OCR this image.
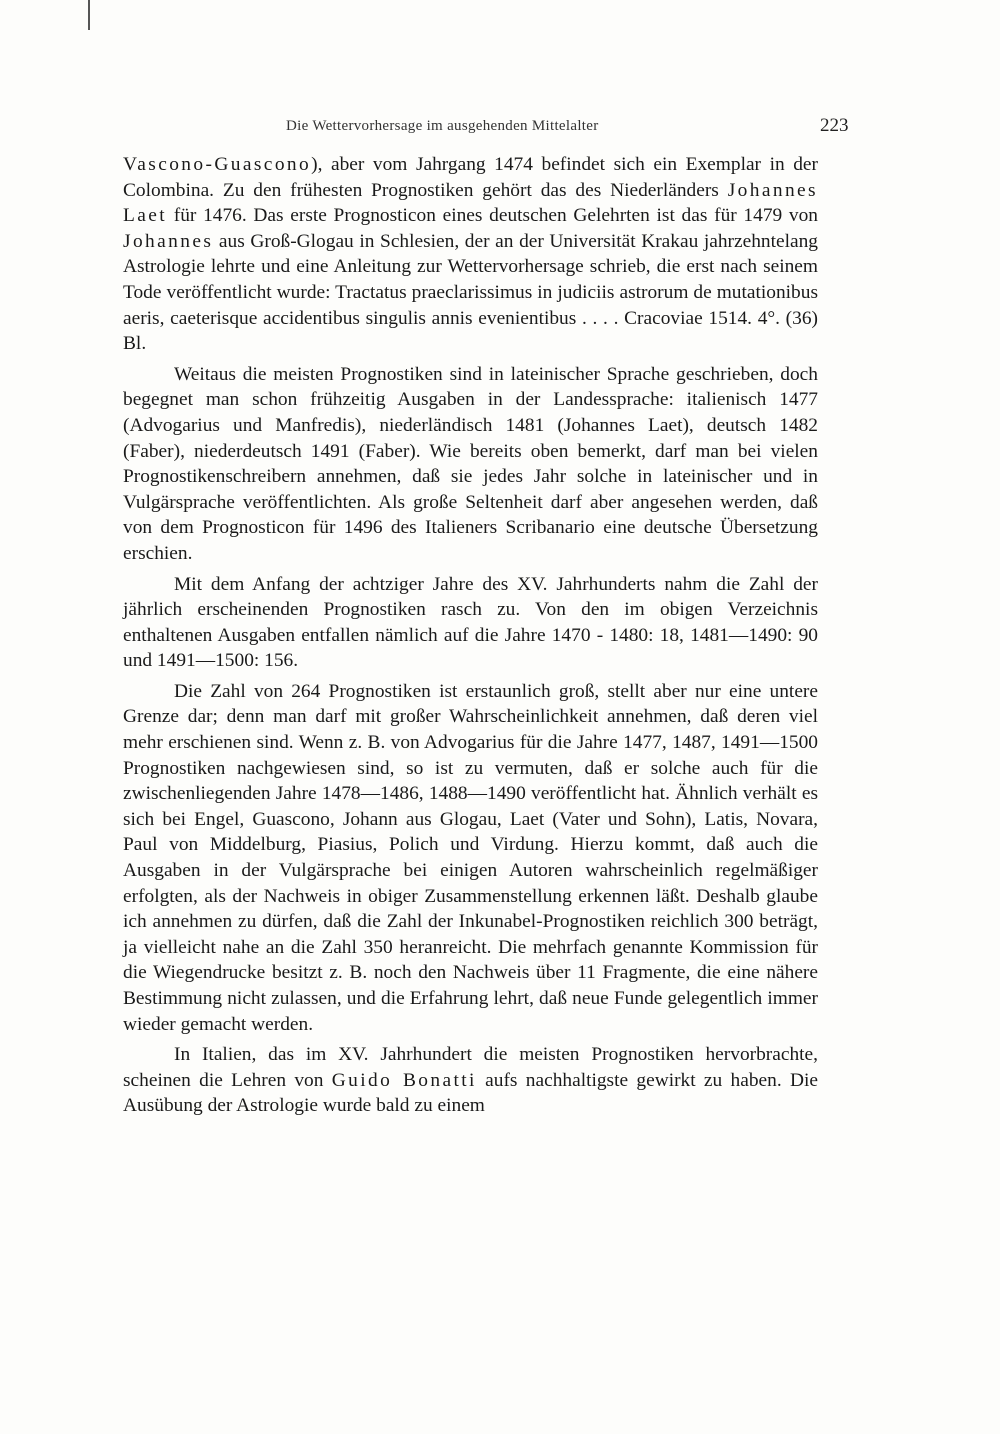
Die Wettervorhersage im ausgehenden Mittelalter	223

Vascono-Guascono), aber vom Jahrgang 1474 befindet sich ein Exemplar in der Colombina. Zu den frühesten Prognostiken gehört das des Niederländers Johannes Laet für 1476. Das erste Prognosticon eines deutschen Gelehrten ist das für 1479 von Johannes aus Groß-Glogau in Schlesien, der an der Universität Krakau jahrzehntelang Astrologie lehrte und eine Anleitung zur Wettervorhersage schrieb, die erst nach seinem Tode veröffentlicht wurde: Tractatus praeclarissimus in judiciis astrorum de mutationibus aeris, caeterisque accidentibus singulis annis evenientibus . . . . Cracoviae 1514. 4°. (36) Bl.

Weitaus die meisten Prognostiken sind in lateinischer Sprache geschrieben, doch begegnet man schon frühzeitig Ausgaben in der Landessprache: italienisch 1477 (Advogarius und Manfredis), niederländisch 1481 (Johannes Laet), deutsch 1482 (Faber), niederdeutsch 1491 (Faber). Wie bereits oben bemerkt, darf man bei vielen Prognostikenschreibern annehmen, daß sie jedes Jahr solche in lateinischer und in Vulgärsprache veröffentlichten. Als große Seltenheit darf aber angesehen werden, daß von dem Prognosticon für 1496 des Italieners Scribanario eine deutsche Übersetzung erschien.

Mit dem Anfang der achtziger Jahre des XV. Jahrhunderts nahm die Zahl der jährlich erscheinenden Prognostiken rasch zu. Von den im obigen Verzeichnis enthaltenen Ausgaben entfallen nämlich auf die Jahre 1470 - 1480: 18, 1481—1490: 90 und 1491—1500: 156.

Die Zahl von 264 Prognostiken ist erstaunlich groß, stellt aber nur eine untere Grenze dar; denn man darf mit großer Wahrscheinlichkeit annehmen, daß deren viel mehr erschienen sind. Wenn z. B. von Advogarius für die Jahre 1477, 1487, 1491—1500 Prognostiken nachgewiesen sind, so ist zu vermuten, daß er solche auch für die zwischenliegenden Jahre 1478—1486, 1488—1490 veröffentlicht hat. Ähnlich verhält es sich bei Engel, Guascono, Johann aus Glogau, Laet (Vater und Sohn), Latis, Novara, Paul von Middelburg, Piasius, Polich und Virdung. Hierzu kommt, daß auch die Ausgaben in der Vulgärsprache bei einigen Autoren wahrscheinlich regelmäßiger erfolgten, als der Nachweis in obiger Zusammenstellung erkennen läßt. Deshalb glaube ich annehmen zu dürfen, daß die Zahl der Inkunabel-Prognostiken reichlich 300 beträgt, ja vielleicht nahe an die Zahl 350 heranreicht. Die mehrfach genannte Kommission für die Wiegendrucke besitzt z. B. noch den Nachweis über 11 Fragmente, die eine nähere Bestimmung nicht zulassen, und die Erfahrung lehrt, daß neue Funde gelegentlich immer wieder gemacht werden.

In Italien, das im XV. Jahrhundert die meisten Prognostiken hervorbrachte, scheinen die Lehren von Guido Bonatti aufs nachhaltigste gewirkt zu haben. Die Ausübung der Astrologie wurde bald zu einem
